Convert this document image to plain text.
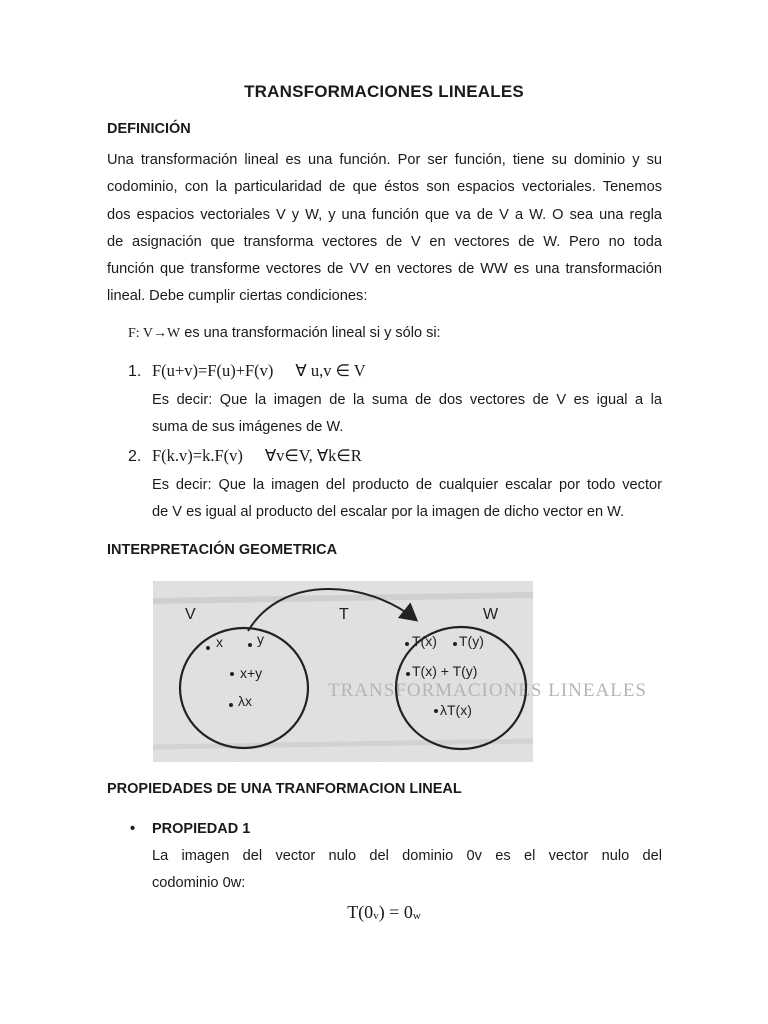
TRANSFORMACIONES LINEALES
DEFINICIÓN
Una transformación lineal es una función. Por ser función, tiene su dominio y su
codominio, con la particularidad de que éstos son espacios vectoriales. Tenemos
dos espacios vectoriales V y W, y una función que va de V a W. O sea una regla
de asignación que transforma vectores de V en vectores de W. Pero no toda
función que transforme vectores de VV en vectores de WW es una transformación
lineal. Debe cumplir ciertas condiciones:
F: V→W es una transformación lineal si y sólo si:
1. F(u+v)=F(u)+F(v) ∀ u,v ∈ V
Es decir: Que la imagen de la suma de dos vectores de V es igual a la
suma de sus imágenes de W.
2. F(k.v)=k.F(v) ∀v∈V, ∀k∈R
Es decir: Que la imagen del producto de cualquier escalar por todo vector
de V es igual al producto del escalar por la imagen de dicho vector en W.
INTERPRETACIÓN GEOMETRICA
TRANSFORMACIONES LINEALES
V	W
T
x y
x+y
λx
T(x) T(y)
T(x) + T(y)
λT(x)
PROPIEDADES DE UNA TRANFORMACION LINEAL
• PROPIEDAD 1
La imagen del vector nulo del dominio 0v es el vector nulo del
codominio 0w:
$T(0_v) = 0_w$
